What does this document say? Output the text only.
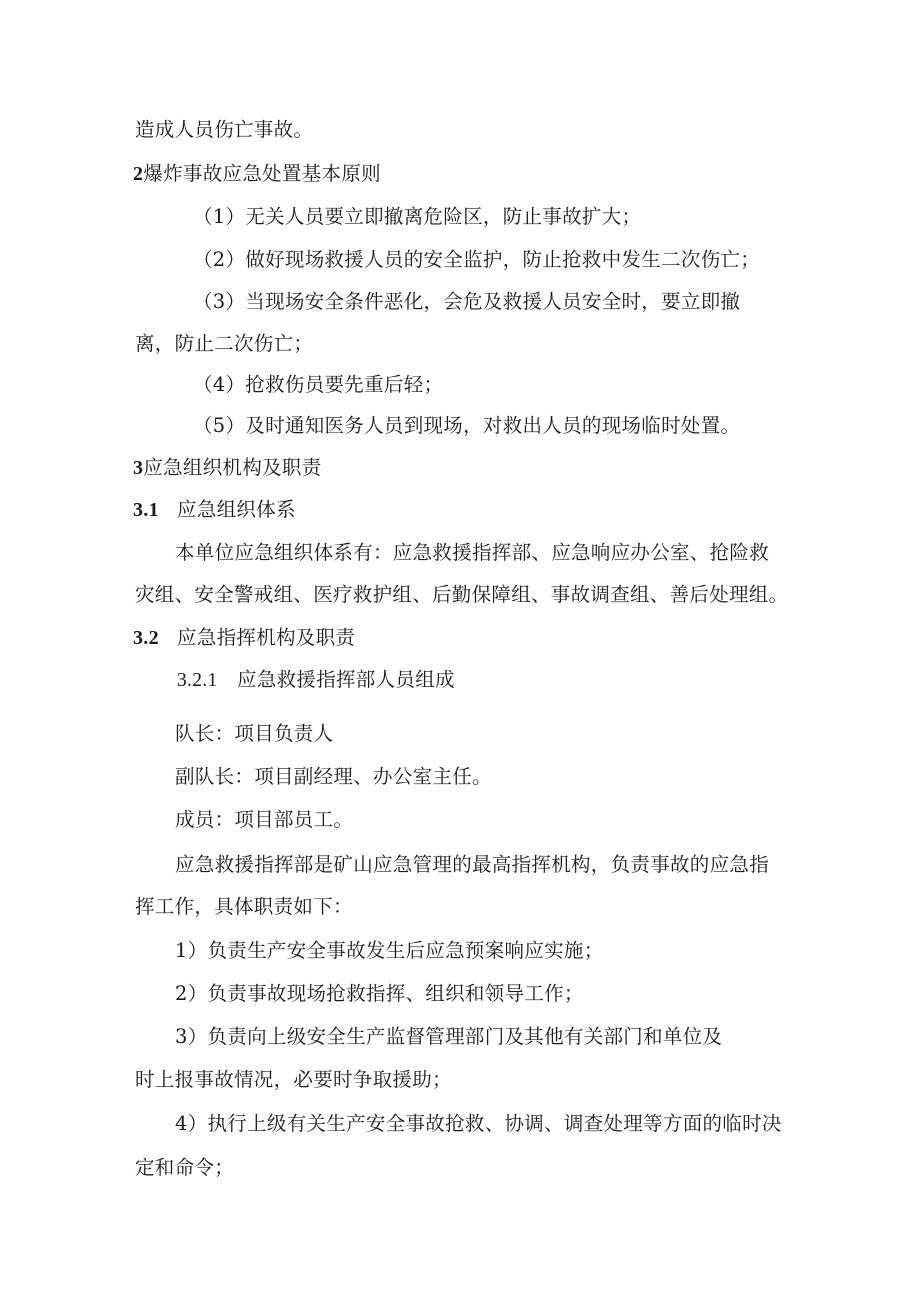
造成人员伤亡事故。
2爆炸事故应急处置基本原则
（1）无关人员要立即撤离危险区，防止事故扩大；
（2）做好现场救援人员的安全监护，防止抢救中发生二次伤亡；
（3）当现场安全条件恶化，会危及救援人员安全时，要立即撤
离，防止二次伤亡；
（4）抢救伤员要先重后轻；
（5）及时通知医务人员到现场，对救出人员的现场临时处置。
3应急组织机构及职责
3.1 应急组织体系
本单位应急组织体系有：应急救援指挥部、应急响应办公室、抢险救
灾组、安全警戒组、医疗救护组、后勤保障组、事故调查组、善后处理组。
3.2 应急指挥机构及职责
3.2.1 应急救援指挥部人员组成
队长：项目负责人
副队长：项目副经理、办公室主任。
成员：项目部员工。
应急救援指挥部是矿山应急管理的最高指挥机构，负责事故的应急指
挥工作，具体职责如下：
1）负责生产安全事故发生后应急预案响应实施；
2）负责事故现场抢救指挥、组织和领导工作；
3）负责向上级安全生产监督管理部门及其他有关部门和单位及
时上报事故情况，必要时争取援助；
4）执行上级有关生产安全事故抢救、协调、调查处理等方面的临时决
定和命令；
